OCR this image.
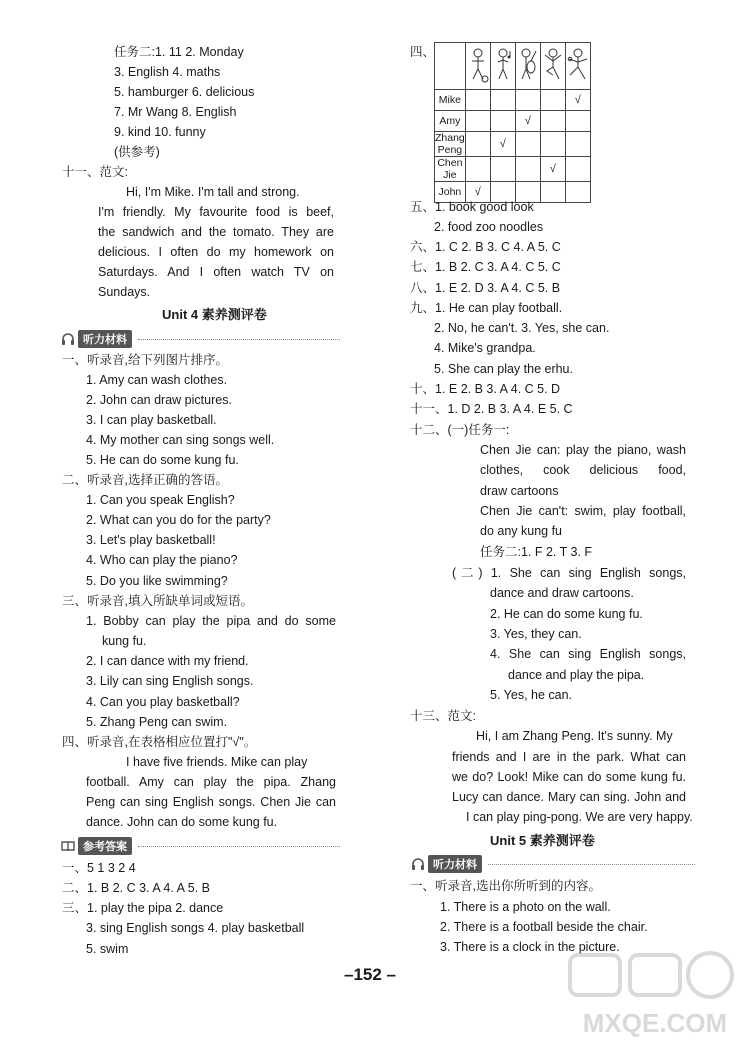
任务二:1. 11 2. Monday
3. English 4. maths
5. hamburger 6. delicious
7. Mr Wang 8. English
9. kind 10. funny
(供参考)
十一、范文:
Hi, I'm Mike. I'm tall and strong.
I'm friendly. My favourite food is beef,
the sandwich and the tomato. They are
delicious. I often do my homework on
Saturdays. And I often watch TV on
Sundays.
Unit 4 素养测评卷
听力材料
一、听录音,给下列图片排序。
1. Amy can wash clothes.
2. John can draw pictures.
3. I can play basketball.
4. My mother can sing songs well.
5. He can do some kung fu.
二、听录音,选择正确的答语。
1. Can you speak English?
2. What can you do for the party?
3. Let's play basketball!
4. Who can play the piano?
5. Do you like swimming?
三、听录音,填入所缺单词或短语。
1. Bobby can play the pipa and do some
kung fu.
2. I can dance with my friend.
3. Lily can sing English songs.
4. Can you play basketball?
5. Zhang Peng can swim.
四、听录音,在表格相应位置打"√"。
I have five friends. Mike can play
football. Amy can play the pipa. Zhang
Peng can sing English songs. Chen Jie can
dance. John can do some kung fu.
参考答案
一、5 1 3 2 4
二、1. B 2. C 3. A 4. A 5. B
三、1. play the pipa 2. dance
3. sing English songs 4. play basketball
5. swim
四、

Mike					√
Amy			√		
Zhang Peng		√			
Chen Jie				√	
John	√				
五、1. book good look
2. food zoo noodles
六、1. C 2. B 3. C 4. A 5. C
七、1. B 2. C 3. A 4. C 5. C
八、1. E 2. D 3. A 4. C 5. B
九、1. He can play football.
2. No, he can't. 3. Yes, she can.
4. Mike's grandpa.
5. She can play the erhu.
十、1. E 2. B 3. A 4. C 5. D
十一、1. D 2. B 3. A 4. E 5. C
十二、(一)任务一:
Chen Jie can: play the piano, wash
clothes, cook delicious food,
draw cartoons
Chen Jie can't: swim, play football,
do any kung fu
任务二:1. F 2. T 3. F
(二) 1. She can sing English songs,
dance and draw cartoons.
2. He can do some kung fu.
3. Yes, they can.
4. She can sing English songs,
dance and play the pipa.
5. Yes, he can.
十三、范文:
Hi, I am Zhang Peng. It's sunny. My
friends and I are in the park. What can
we do? Look! Mike can do some kung fu.
Lucy can dance. Mary can sing. John and
I can play ping-pong. We are very happy.
Unit 5 素养测评卷
听力材料
一、听录音,选出你所听到的内容。
1. There is a photo on the wall.
2. There is a football beside the chair.
3. There is a clock in the picture.
–152 –
MXQE.COM
